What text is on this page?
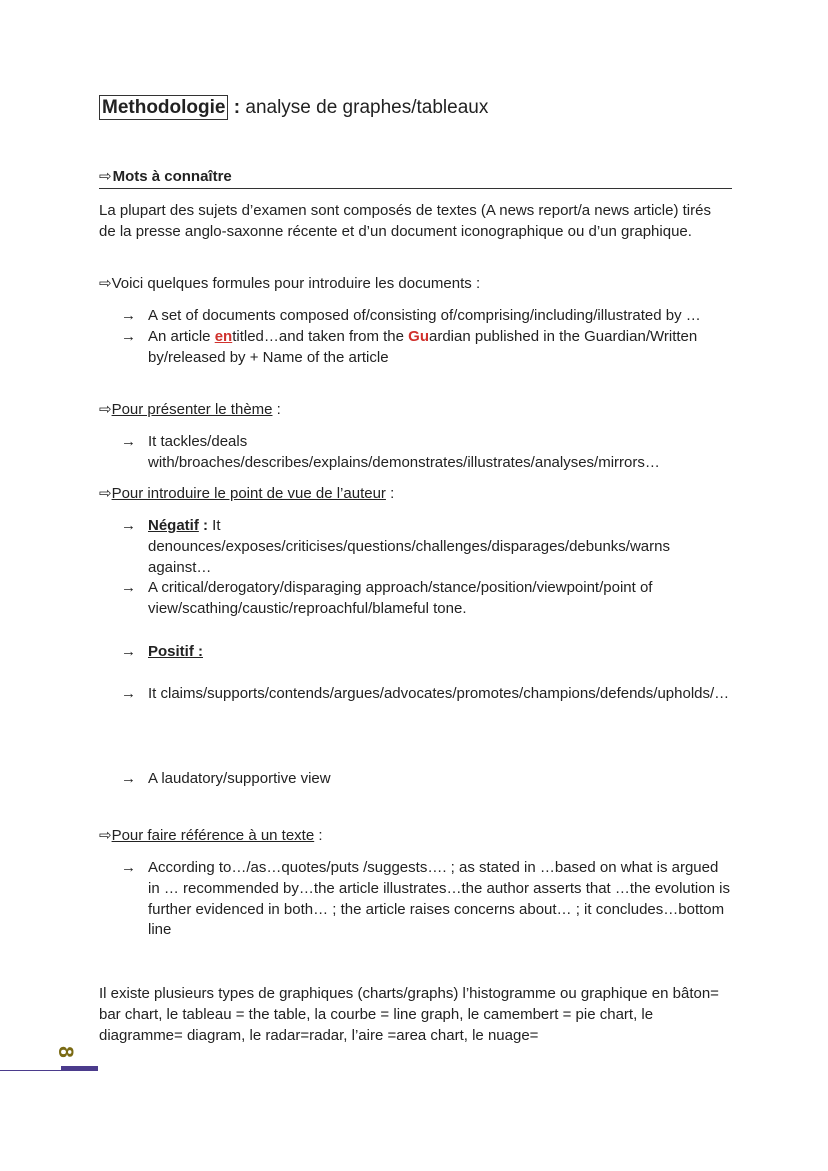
Methodologie : analyse de graphes/tableaux
⇨Mots à connaître
La plupart des sujets d’examen sont composés de textes (A news report/a news article) tirés de la presse anglo-saxonne récente et d’un document iconographique ou d’un graphique.
⇨Voici quelques formules pour introduire les documents :
→ A set of documents composed of/consisting of/comprising/including/illustrated by …
→ An article entitled…and taken from the Guardian published in the Guardian/Written by/released by + Name of the article
⇨Pour présenter le thème :
→ It tackles/deals with/broaches/describes/explains/demonstrates/illustrates/analyses/mirrors…
⇨Pour introduire le point de vue de l’auteur :
→ Négatif : It denounces/exposes/criticises/questions/challenges/disparages/debunks/warns against…
→ A critical/derogatory/disparaging approach/stance/position/viewpoint/point of view/scathing/caustic/reproachful/blameful tone.
→ Positif :
→ It claims/supports/contends/argues/advocates/promotes/champions/defends/upholds/…
→ A laudatory/supportive view
⇨Pour faire référence à un texte :
→ According to…/as…quotes/puts /suggests…. ; as stated in …based on what is argued in … recommended by…the article illustrates…the author asserts that …the evolution is further evidenced in both… ; the article raises concerns about… ; it concludes…bottom line
Il existe plusieurs types de graphiques (charts/graphs) l’histogramme ou graphique en bâton= bar chart, le tableau = the table, la courbe = line graph, le camembert = pie chart, le diagramme= diagram, le radar=radar, l’aire =area chart, le nuage=
8
